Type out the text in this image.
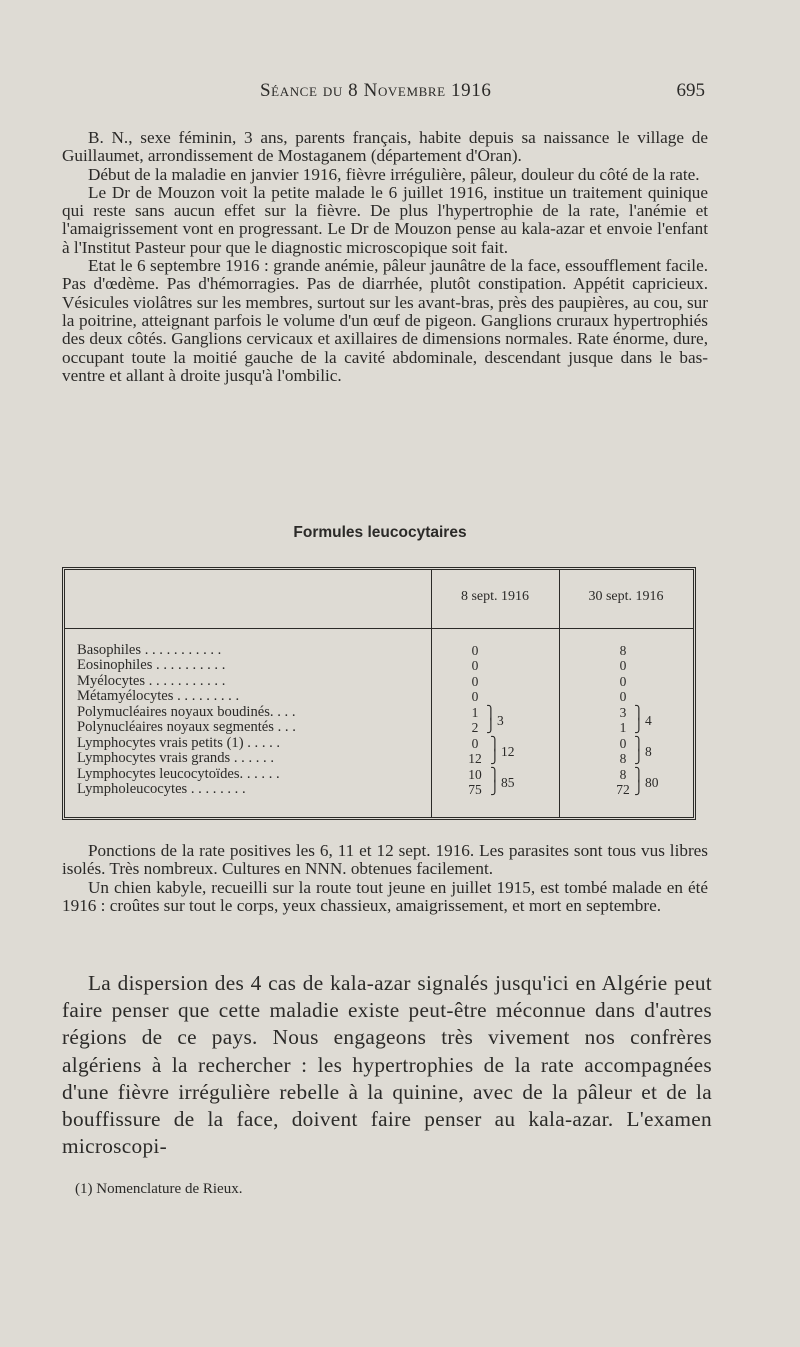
Séance du 8 Novembre 1916	695

B. N., sexe féminin, 3 ans, parents français, habite depuis sa naissance le village de Guillaumet, arrondissement de Mostaganem (département d'Oran).

Début de la maladie en janvier 1916, fièvre irrégulière, pâleur, douleur du côté de la rate.

Le Dr de Mouzon voit la petite malade le 6 juillet 1916, institue un traitement quinique qui reste sans aucun effet sur la fièvre. De plus l'hypertrophie de la rate, l'anémie et l'amaigrissement vont en progressant. Le Dr de Mouzon pense au kala-azar et envoie l'enfant à l'Institut Pasteur pour que le diagnostic microscopique soit fait.

Etat le 6 septembre 1916 : grande anémie, pâleur jaunâtre de la face, essoufflement facile. Pas d'œdème. Pas d'hémorragies. Pas de diarrhée, plutôt constipation. Appétit capricieux. Vésicules violâtres sur les membres, surtout sur les avant-bras, près des paupières, au cou, sur la poitrine, atteignant parfois le volume d'un œuf de pigeon. Ganglions cruraux hypertrophiés des deux côtés. Ganglions cervicaux et axillaires de dimensions normales. Rate énorme, dure, occupant toute la moitié gauche de la cavité abdominale, descendant jusque dans le bas-ventre et allant à droite jusqu'à l'ombilic.

Formules leucocytaires
8 sept. 1916	30 sept. 1916
Basophiles . . . . . . . . . . .
Eosinophiles . . . . . . . . . .
Myélocytes . . . . . . . . . . .
Métamyélocytes . . . . . . . . .
Polymucléaires noyaux boudinés. . . .
Polynucléaires noyaux segmentés . . .
Lymphocytes vrais petits (1) . . . . .
Lymphocytes vrais grands . . . . . .
Lymphocytes leucocytoïdes. . . . . .
Lympholeucocytes . . . . . . . .
0
0
0
0
1
2
0
12
10
75
8
0
0
0
3
1
0
8
8
72
⎫
⎭ 3
⎫
⎭ 4
⎫
⎭ 12
⎫
⎭ 8
⎫
⎭ 85
⎫
⎭ 80

Ponctions de la rate positives les 6, 11 et 12 sept. 1916. Les parasites sont tous vus libres isolés. Très nombreux. Cultures en NNN. obtenues facilement.

Un chien kabyle, recueilli sur la route tout jeune en juillet 1915, est tombé malade en été 1916 : croûtes sur tout le corps, yeux chassieux, amaigrissement, et mort en septembre.

La dispersion des 4 cas de kala-azar signalés jusqu'ici en Algérie peut faire penser que cette maladie existe peut-être méconnue dans d'autres régions de ce pays. Nous engageons très vivement nos confrères algériens à la rechercher : les hypertrophies de la rate accompagnées d'une fièvre irrégulière rebelle à la quinine, avec de la pâleur et de la bouffissure de la face, doivent faire penser au kala-azar. L'examen microscopi-

(1) Nomenclature de Rieux.
